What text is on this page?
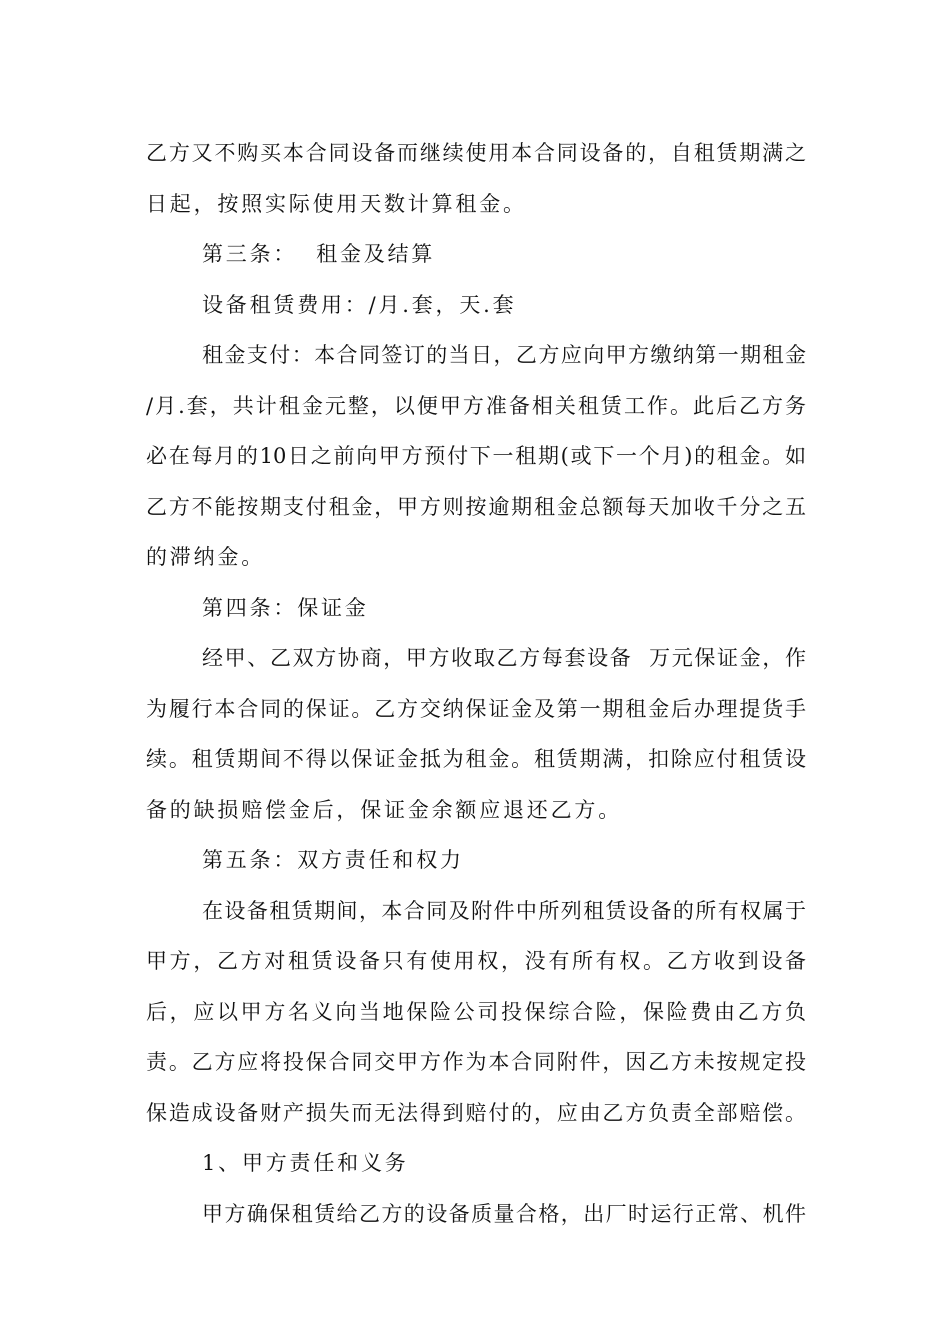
乙方又不购买本合同设备而继续使用本合同设备的，自租赁期满之
日起，按照实际使用天数计算租金。
第三条：  租金及结算
设备租赁费用：/月.套，天.套
租金支付：本合同签订的当日，乙方应向甲方缴纳第一期租金
/月.套，共计租金元整，以便甲方准备相关租赁工作。此后乙方务
必在每月的10日之前向甲方预付下一租期(或下一个月)的租金。如
乙方不能按期支付租金，甲方则按逾期租金总额每天加收千分之五
的滞纳金。
第四条：保证金
经甲、乙双方协商，甲方收取乙方每套设备  万元保证金，作
为履行本合同的保证。乙方交纳保证金及第一期租金后办理提货手
续。租赁期间不得以保证金抵为租金。租赁期满，扣除应付租赁设
备的缺损赔偿金后，保证金余额应退还乙方。
第五条：双方责任和权力
在设备租赁期间，本合同及附件中所列租赁设备的所有权属于
甲方，乙方对租赁设备只有使用权，没有所有权。乙方收到设备
后，应以甲方名义向当地保险公司投保综合险，保险费由乙方负
责。乙方应将投保合同交甲方作为本合同附件，因乙方未按规定投
保造成设备财产损失而无法得到赔付的，应由乙方负责全部赔偿。
1、甲方责任和义务
甲方确保租赁给乙方的设备质量合格，出厂时运行正常、机件
